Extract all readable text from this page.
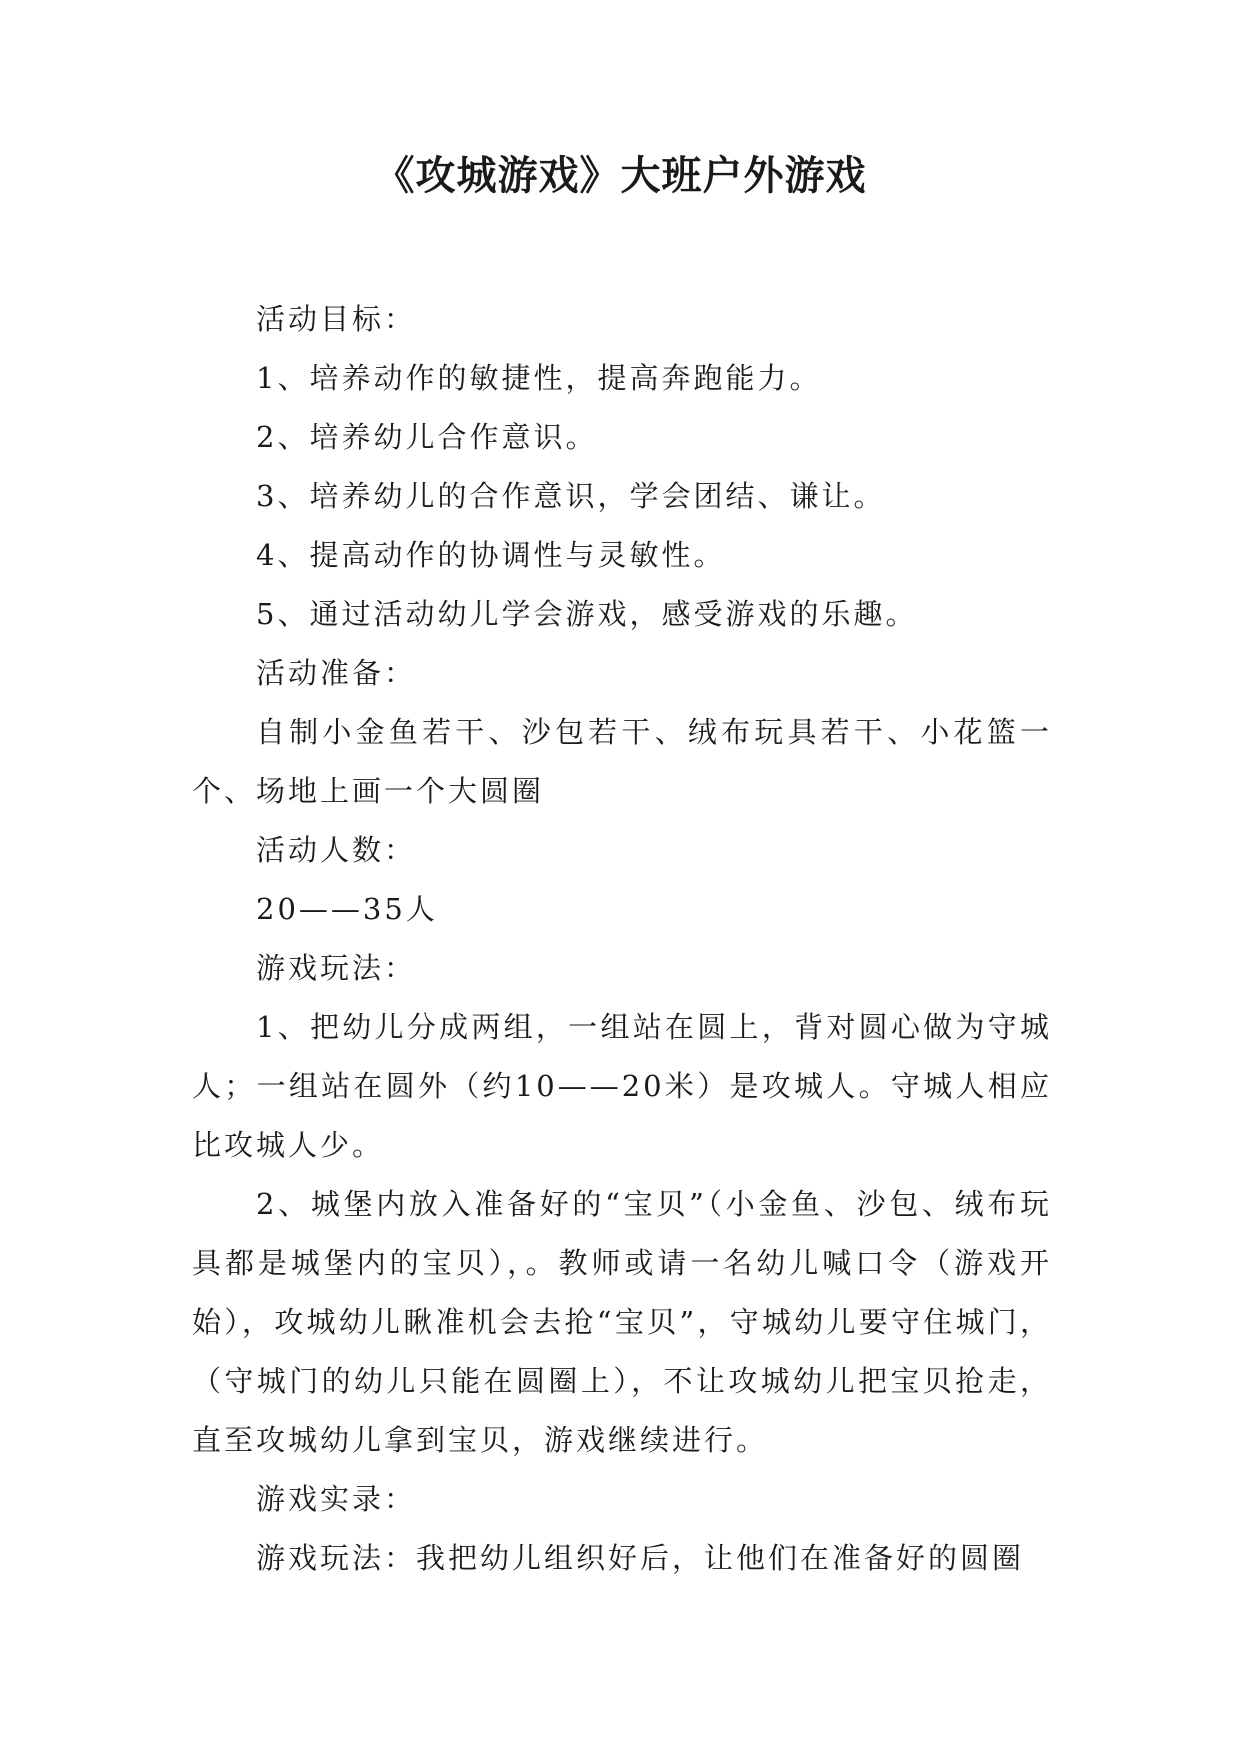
《攻城游戏》大班户外游戏

活动目标：

1、培养动作的敏捷性，提高奔跑能力。

2、培养幼儿合作意识。

3、培养幼儿的合作意识，学会团结、谦让。

4、提高动作的协调性与灵敏性。

5、通过活动幼儿学会游戏，感受游戏的乐趣。

活动准备：

自制小金鱼若干、沙包若干、绒布玩具若干、小花篮一个、场地上画一个大圆圈

活动人数：

20——35人

游戏玩法：

1、把幼儿分成两组，一组站在圆上，背对圆心做为守城人；一组站在圆外（约10——20米）是攻城人。守城人相应比攻城人少。

2、城堡内放入准备好的“宝贝”（小金鱼、沙包、绒布玩具都是城堡内的宝贝），。教师或请一名幼儿喊口令（游戏开始），攻城幼儿瞅准机会去抢“宝贝”，守城幼儿要守住城门，（守城门的幼儿只能在圆圈上），不让攻城幼儿把宝贝抢走，直至攻城幼儿拿到宝贝，游戏继续进行。

游戏实录：

游戏玩法：我把幼儿组织好后，让他们在准备好的圆圈
